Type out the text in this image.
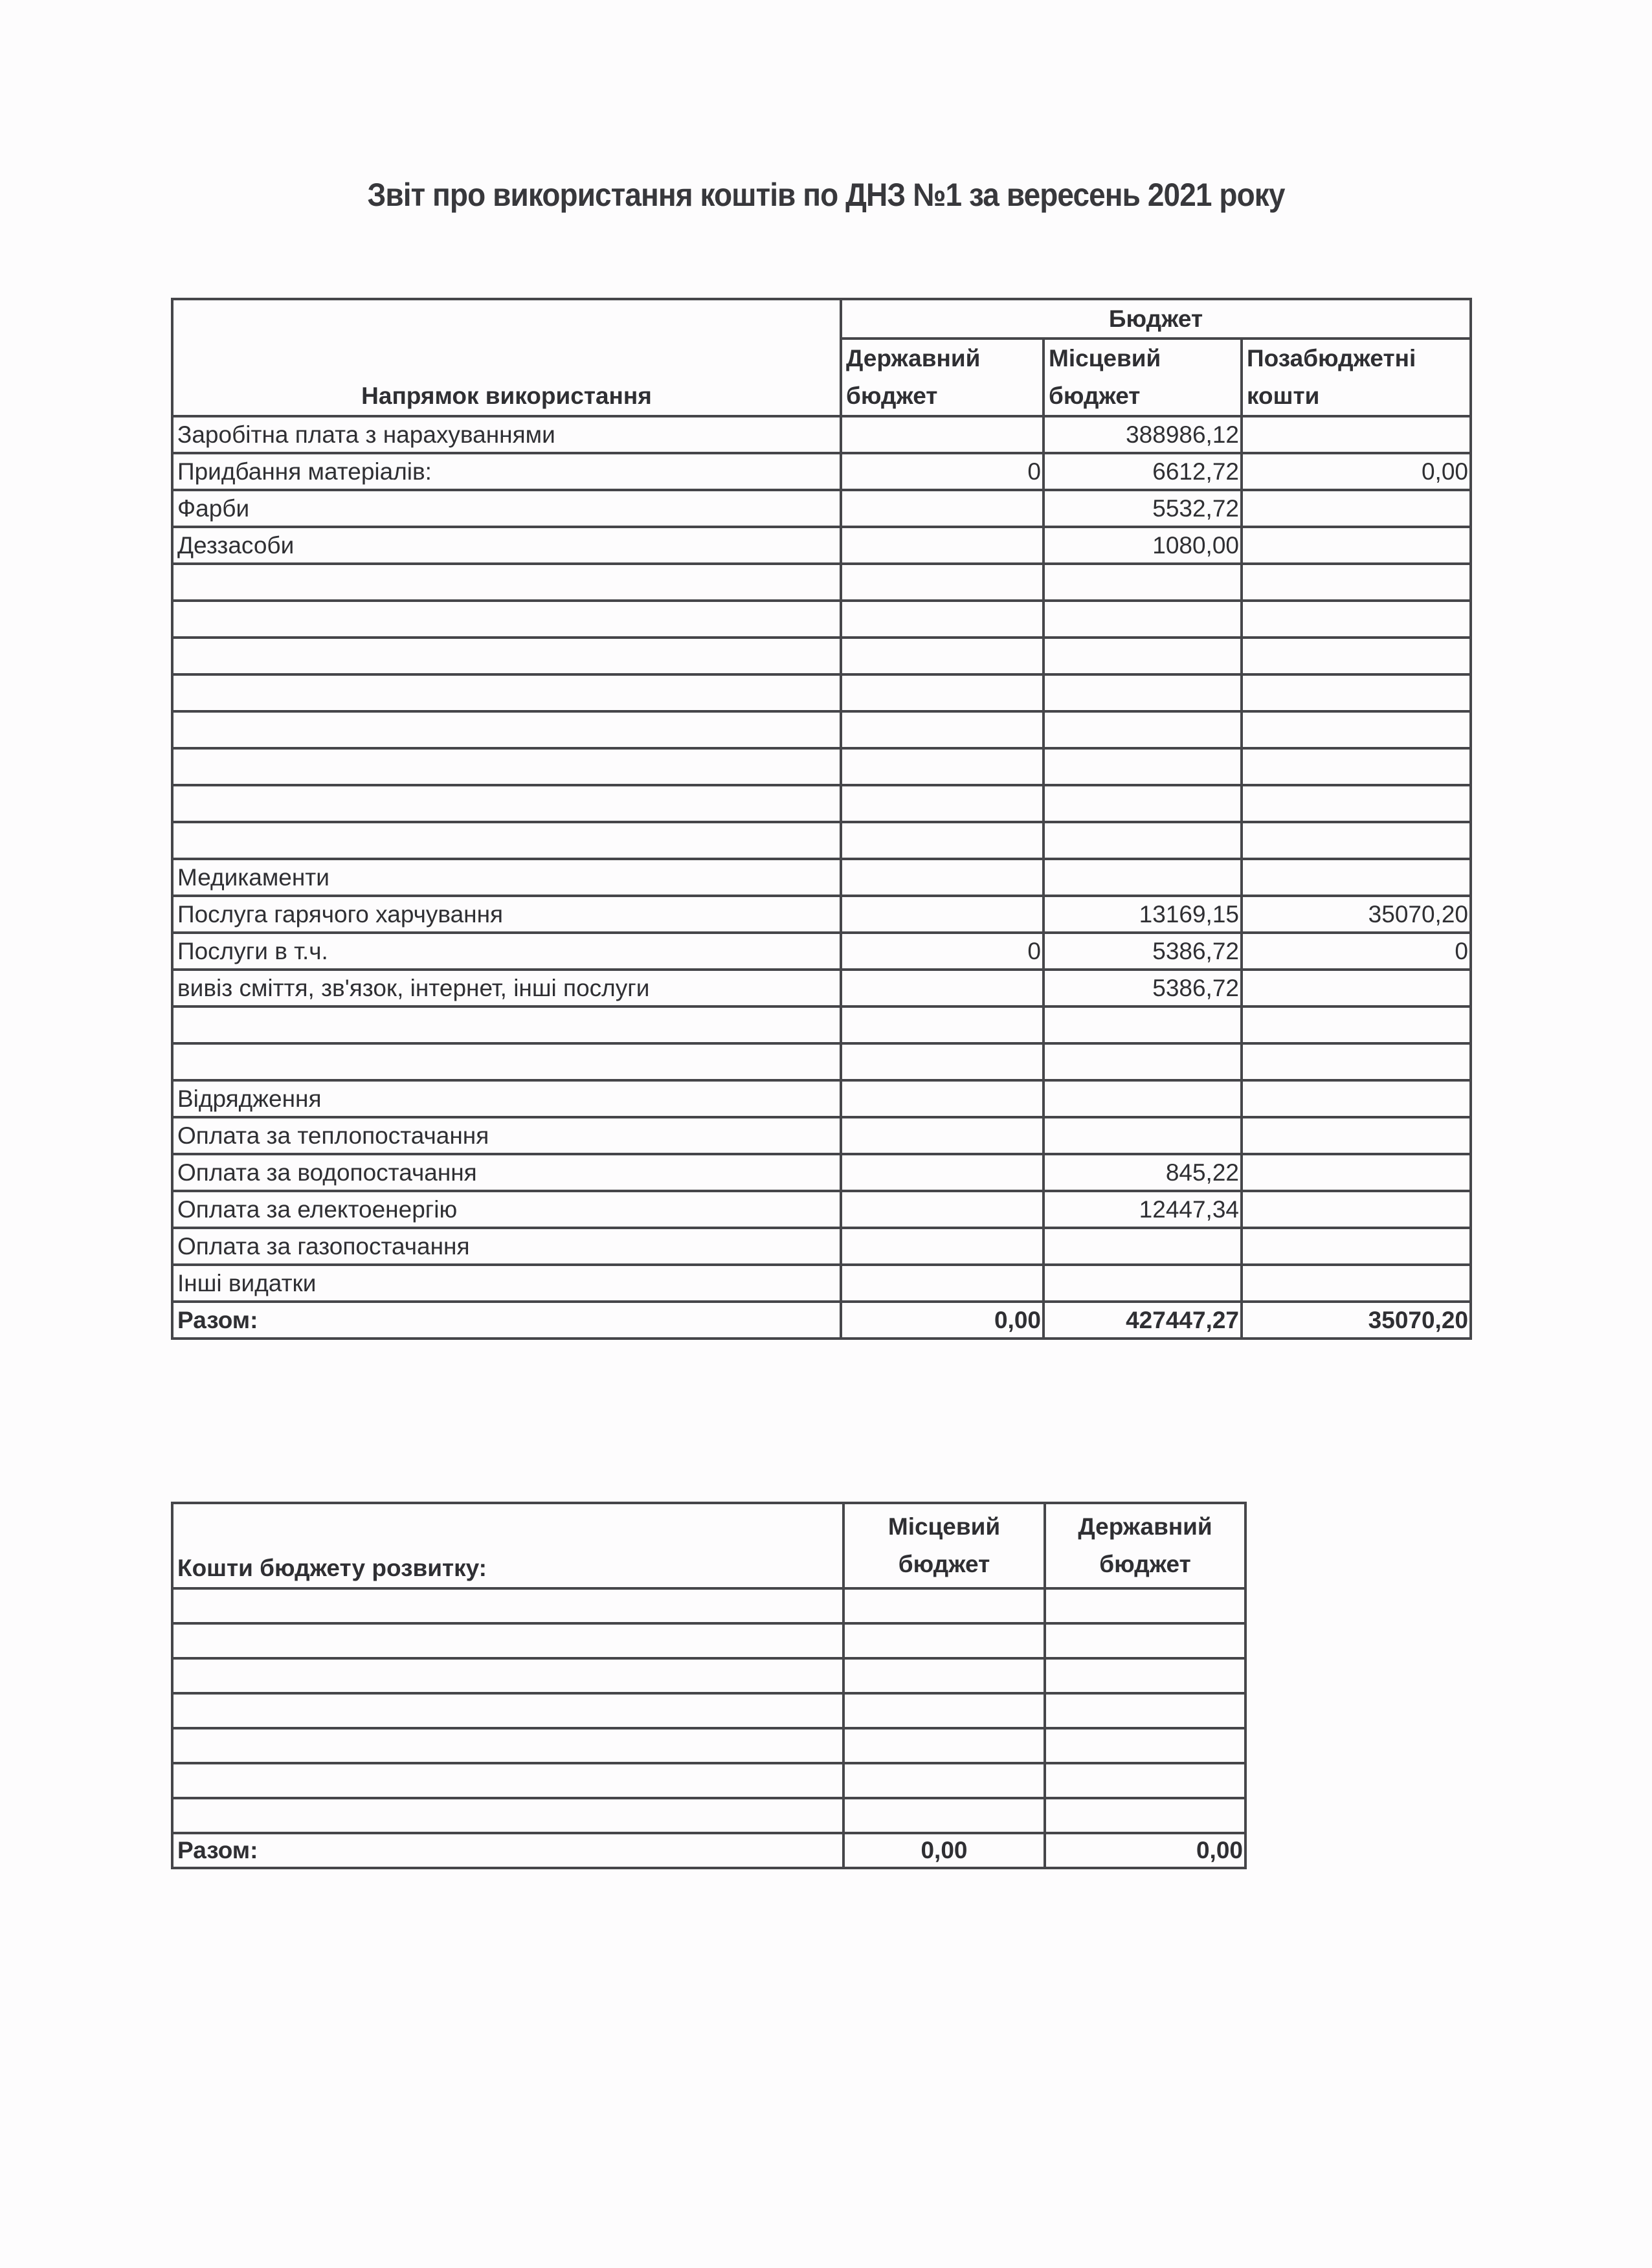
Звіт про використання коштів по ДНЗ №1 за вересень 2021 року
Напрямок використання	Бюджет		
	Державний бюджет	Місцевий бюджет	Позабюджетні кошти
Заробітна плата з нарахуваннями		388986,12	
Придбання матеріалів:	0	6612,72	0,00
Фарби		5532,72	
Деззасоби		1080,00	

Медикаменти			
Послуга гарячого харчування		13169,15	35070,20
Послуги в т.ч.	0	5386,72	0
вивіз сміття, зв'язок, інтернет, інші послуги		5386,72	

Відрядження			
Оплата за теплопостачання			
Оплата за водопостачання		845,22	
Оплата за електоенергію		12447,34	
Оплата за газопостачання			
Інші видатки			
Разом:	0,00	427447,27	35070,20
Кошти бюджету розвитку:	Місцевий бюджет	Державний бюджет

Разом:	0,00	0,00
